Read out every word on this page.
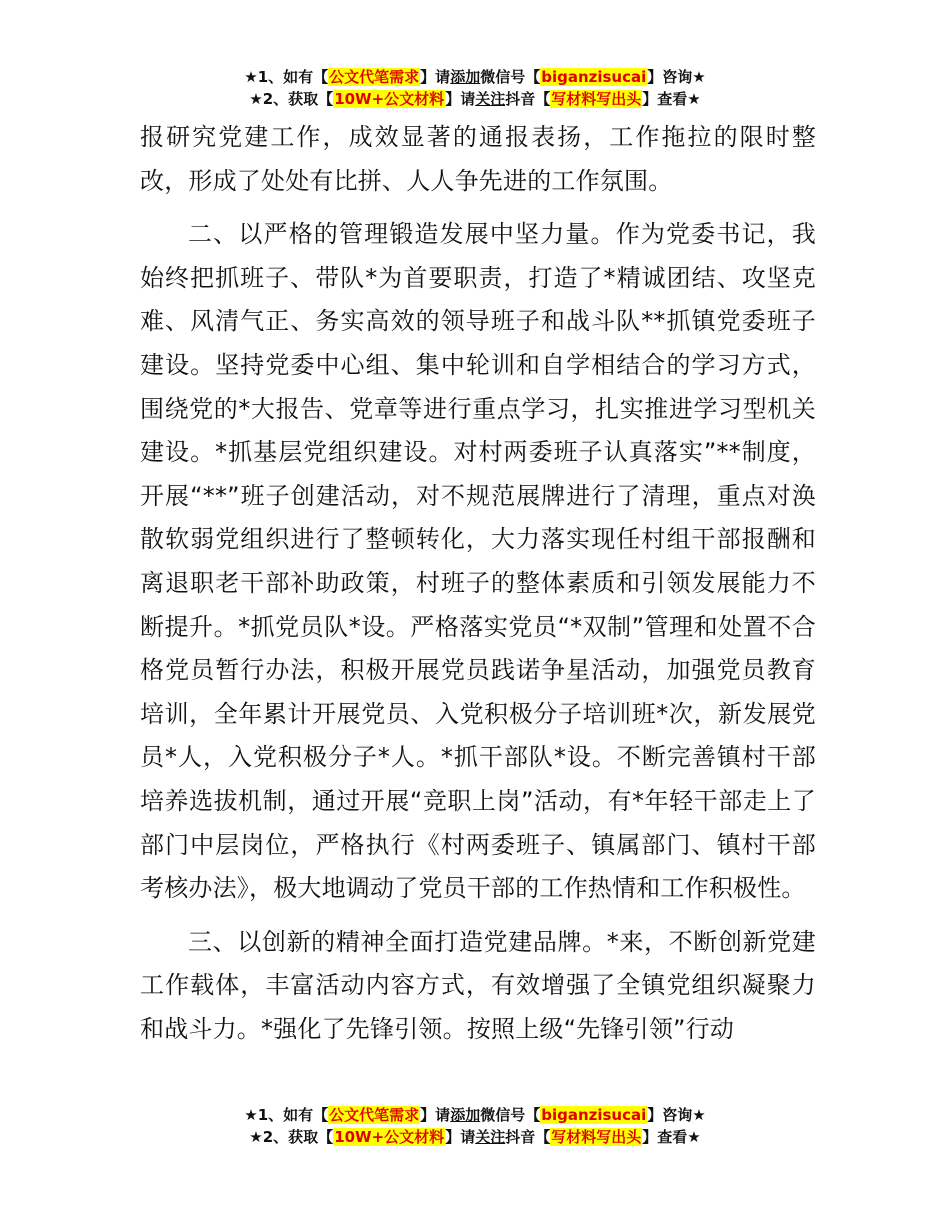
★1、如有【公文代笔需求】请添加微信号【biganzisucai】咨询★
★2、获取【10W+公文材料】请关注抖音【写材料写出头】查看★

报研究党建工作，成效显著的通报表扬，工作拖拉的限时整改，形成了处处有比拼、人人争先进的工作氛围。

二、以严格的管理锻造发展中坚力量。作为党委书记，我始终把抓班子、带队*为首要职责，打造了*精诚团结、攻坚克难、风清气正、务实高效的领导班子和战斗队**抓镇党委班子建设。坚持党委中心组、集中轮训和自学相结合的学习方式，围绕党的*大报告、党章等进行重点学习，扎实推进学习型机关建设。*抓基层党组织建设。对村两委班子认真落实”**制度，开展“**”班子创建活动，对不规范展牌进行了清理，重点对涣散软弱党组织进行了整顿转化，大力落实现任村组干部报酬和离退职老干部补助政策，村班子的整体素质和引领发展能力不断提升。*抓党员队*设。严格落实党员“*双制”管理和处置不合格党员暂行办法，积极开展党员践诺争星活动，加强党员教育培训，全年累计开展党员、入党积极分子培训班*次，新发展党员*人，入党积极分子*人。*抓干部队*设。不断完善镇村干部培养选拔机制，通过开展“竞职上岗”活动，有*年轻干部走上了部门中层岗位，严格执行《村两委班子、镇属部门、镇村干部考核办法》，极大地调动了党员干部的工作热情和工作积极性。

三、以创新的精神全面打造党建品牌。*来，不断创新党建工作载体，丰富活动内容方式，有效增强了全镇党组织凝聚力和战斗力。*强化了先锋引领。按照上级“先锋引领”行动

★1、如有【公文代笔需求】请添加微信号【biganzisucai】咨询★
★2、获取【10W+公文材料】请关注抖音【写材料写出头】查看★
